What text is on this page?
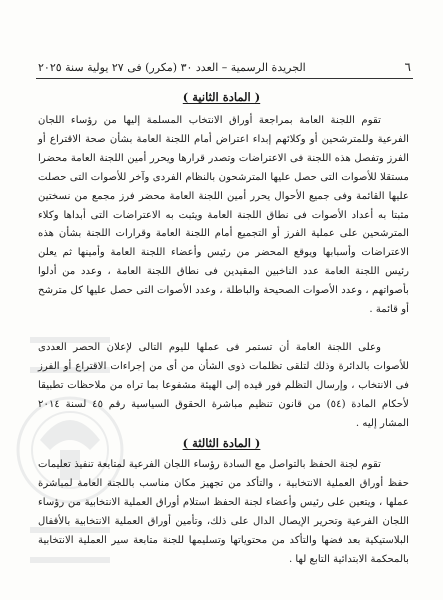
٦
الجريدة الرسمية – العدد ٣٠ (مكرر) فى ٢٧ يولية سنة ٢٠٢٥
( المادة الثانية )

تقوم اللجنة العامة بمراجعة أوراق الانتخاب المسلمة إليها من رؤساء اللجان الفرعية وللمترشحين أو وكلائهم إبداء اعتراض أمام اللجنة العامة بشأن صحة الاقتراع أو الفرز وتفصل هذه اللجنة فى الاعتراضات وتصدر قرارها ويحرر أمين اللجنة العامة محضرا مستقلا للأصوات التى حصل عليها المترشحون بالنظام الفردى وآخر للأصوات التى حصلت عليها القائمة وفى جميع الأحوال يحرر أمين اللجنة العامة محضر فرز مجمع من نسختين مثبتا به أعداد الأصوات فى نطاق اللجنة العامة ويثبت به الاعتراضات التى أبداها وكلاء المترشحين على عملية الفرز أو التجميع أمام اللجنة العامة وقرارات اللجنة بشأن هذه الاعتراضات وأسبابها ويوقع المحضر من رئيس وأعضاء اللجنة العامة وأمينها ثم يعلن رئيس اللجنة العامة عدد الناخبين المقيدين فى نطاق اللجنة العامة ، وعدد من أدلوا بأصواتهم ، وعدد الأصوات الصحيحة والباطلة ، وعدد الأصوات التى حصل عليها كل مترشح أو قائمة .

وعلى اللجنة العامة أن تستمر فى عملها لليوم التالى لإعلان الحصر العددى للأصوات بالدائرة وذلك لتلقى تظلمات ذوى الشأن من أى من إجراءات الاقتراع أو الفرز فى الانتخاب ، وإرسال التظلم فور قيده إلى الهيئة مشفوعا بما تراه من ملاحظات تطبيقا لأحكام المادة (٥٤) من قانون تنظيم مباشرة الحقوق السياسية رقم ٤٥ لسنة ٢٠١٤ المشار إليه .

( المادة الثالثة )

تقوم لجنة الحفظ بالتواصل مع السادة رؤساء اللجان الفرعية لمتابعة تنفيذ تعليمات حفظ أوراق العملية الانتخابية ، والتأكد من تجهيز مكان مناسب باللجنة العامة لمباشرة عملها ، ويتعين على رئيس وأعضاء لجنة الحفظ استلام أوراق العملية الانتخابية من رؤساء اللجان الفرعية وتحرير الإيصال الدال على ذلك، وتأمين أوراق العملية الانتخابية بالأقفال البلاستيكية بعد فضها والتأكد من محتوياتها وتسليمها للجنة متابعة سير العملية الانتخابية بالمحكمة الابتدائية التابع لها .
